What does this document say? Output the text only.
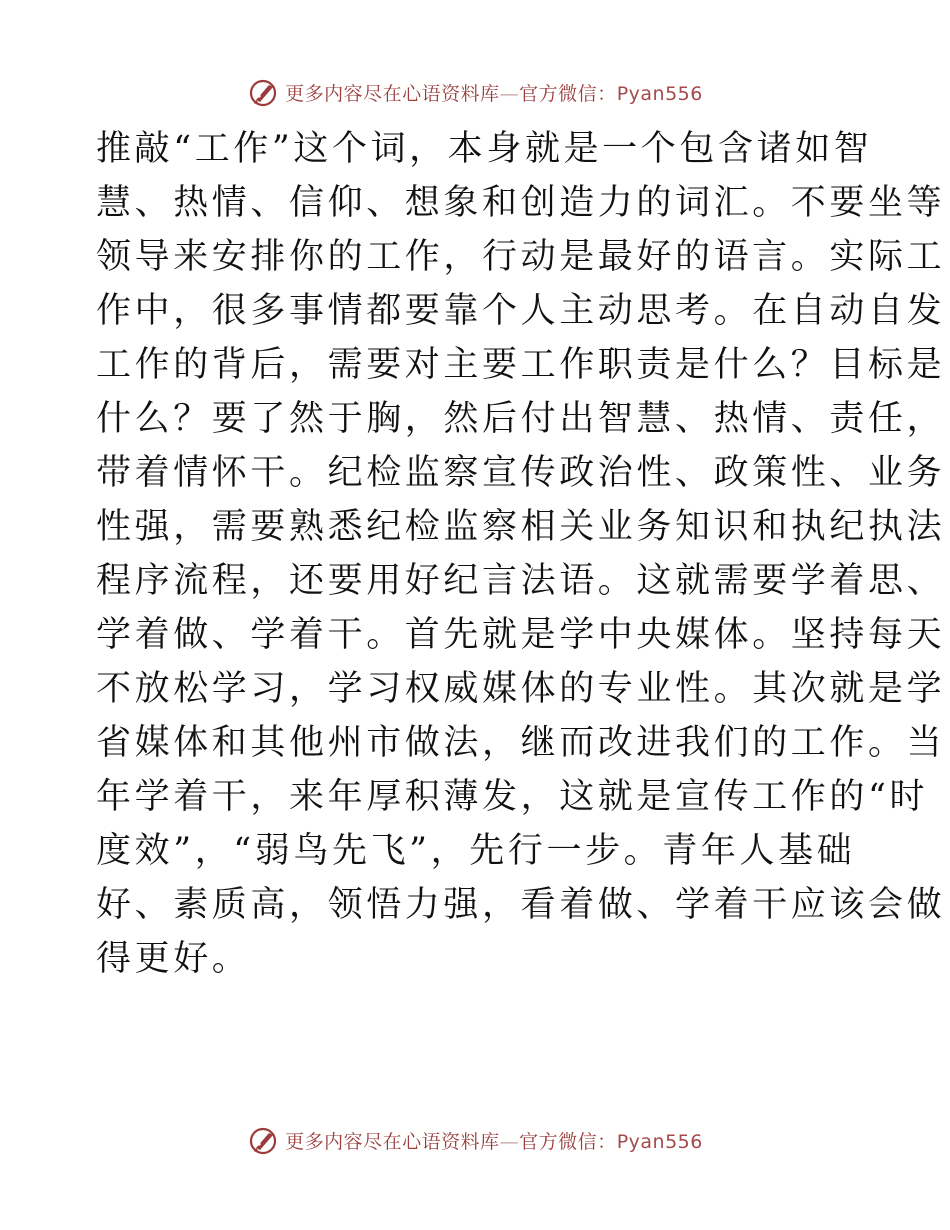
更多内容尽在心语资料库—官方微信：Pyan556
推敲“工作”这个词，本身就是一个包含诸如智
慧、热情、信仰、想象和创造力的词汇。不要坐等
领导来安排你的工作，行动是最好的语言。实际工
作中，很多事情都要靠个人主动思考。在自动自发
工作的背后，需要对主要工作职责是什么？目标是
什么？要了然于胸，然后付出智慧、热情、责任，
带着情怀干。纪检监察宣传政治性、政策性、业务
性强，需要熟悉纪检监察相关业务知识和执纪执法
程序流程，还要用好纪言法语。这就需要学着思、
学着做、学着干。首先就是学中央媒体。坚持每天
不放松学习，学习权威媒体的专业性。其次就是学
省媒体和其他州市做法，继而改进我们的工作。当
年学着干，来年厚积薄发，这就是宣传工作的“时
度效”，“弱鸟先飞”，先行一步。青年人基础
好、素质高，领悟力强，看着做、学着干应该会做
得更好。
更多内容尽在心语资料库—官方微信：Pyan556
